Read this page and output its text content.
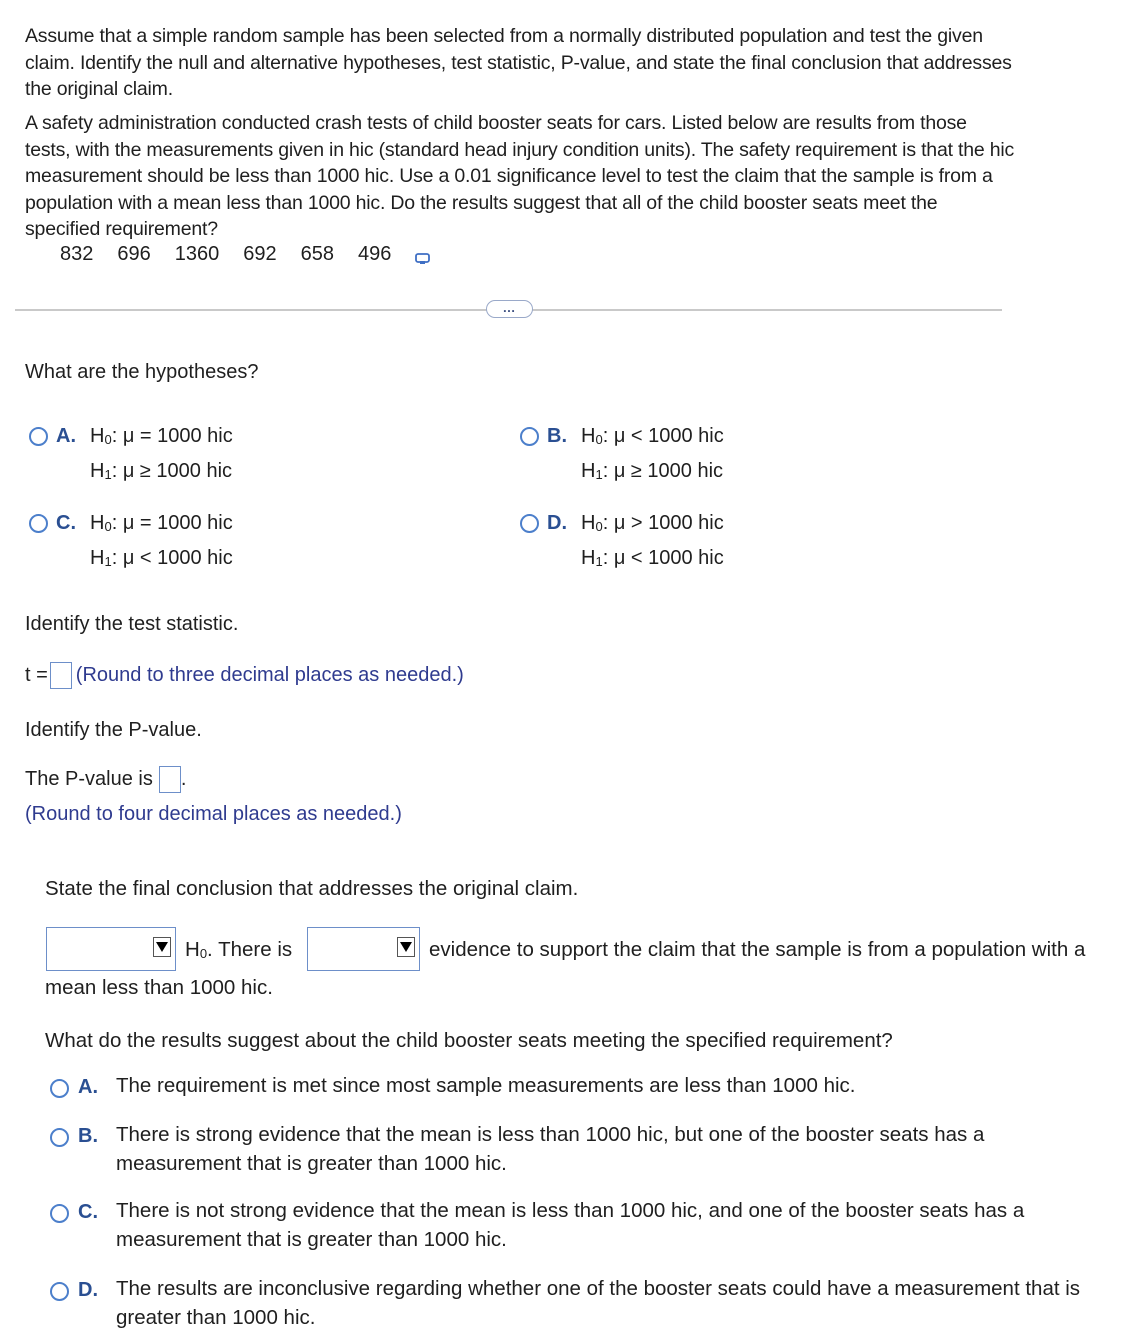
Assume that a simple random sample has been selected from a normally distributed population and test the given claim. Identify the null and alternative hypotheses, test statistic, P-value, and state the final conclusion that addresses the original claim.
A safety administration conducted crash tests of child booster seats for cars. Listed below are results from those tests, with the measurements given in hic (standard head injury condition units). The safety requirement is that the hic measurement should be less than 1000 hic. Use a 0.01 significance level to test the claim that the sample is from a population with a mean less than 1000 hic. Do the results suggest that all of the child booster seats meet the specified requirement?
832 696 1360 692 658 496
…
What are the hypotheses?
A. $H_0$: μ = 1000 hic
$H_1$: μ ≥ 1000 hic
B. $H_0$: μ < 1000 hic
$H_1$: μ ≥ 1000 hic
C. $H_0$: μ = 1000 hic
$H_1$: μ < 1000 hic
D. $H_0$: μ > 1000 hic
$H_1$: μ < 1000 hic
Identify the test statistic.
t = (Round to three decimal places as needed.)
Identify the P-value.
The P-value is .
(Round to four decimal places as needed.)
State the final conclusion that addresses the original claim.
$H_0$. There is	evidence to support the claim that the sample is from a population with a
mean less than 1000 hic.
What do the results suggest about the child booster seats meeting the specified requirement?
A. The requirement is met since most sample measurements are less than 1000 hic.
B. There is strong evidence that the mean is less than 1000 hic, but one of the booster seats has a measurement that is greater than 1000 hic.
C. There is not strong evidence that the mean is less than 1000 hic, and one of the booster seats has a measurement that is greater than 1000 hic.
D. The results are inconclusive regarding whether one of the booster seats could have a measurement that is greater than 1000 hic.
